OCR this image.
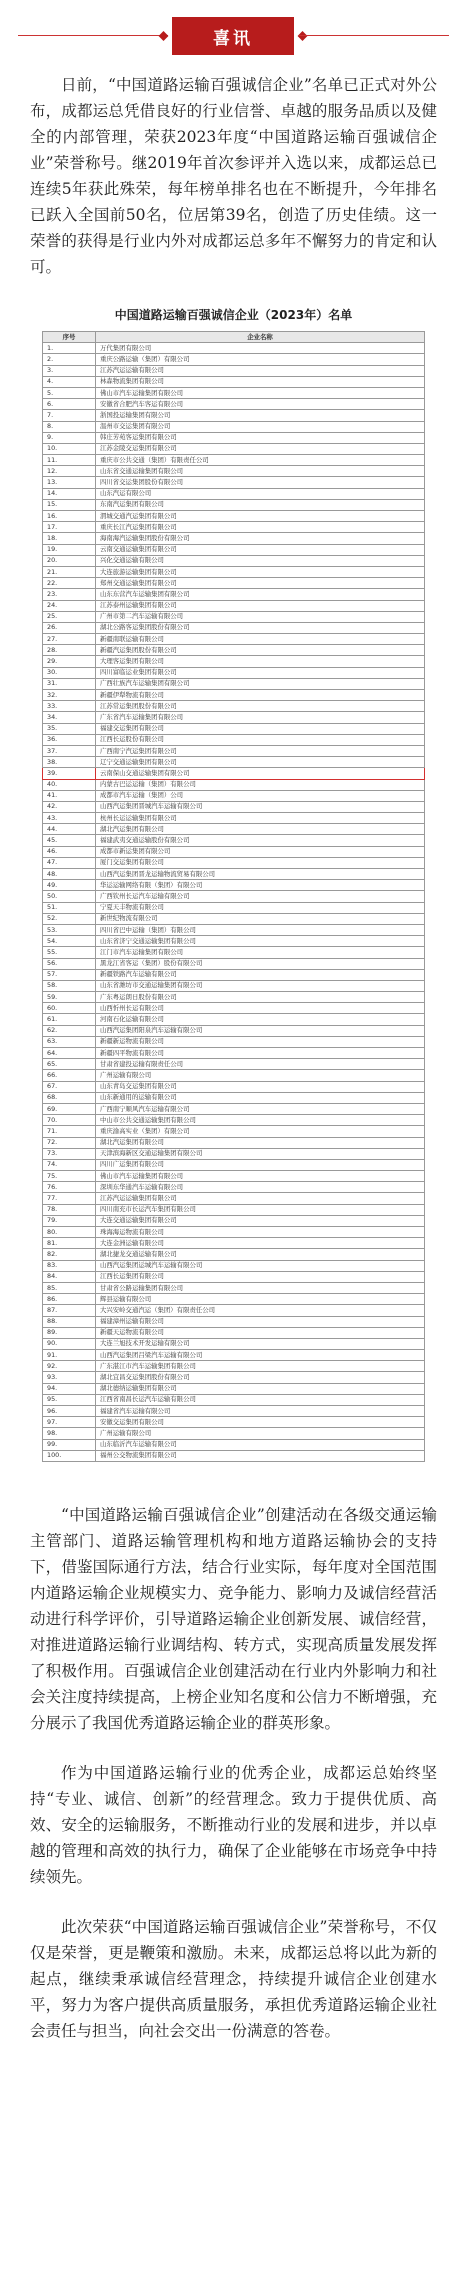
喜讯

日前，“中国道路运输百强诚信企业”名单已正式对外公布，成都运总凭借良好的行业信誉、卓越的服务品质以及健全的内部管理，荣获2023年度“中国道路运输百强诚信企业”荣誉称号。继2019年首次参评并入选以来，成都运总已连续5年获此殊荣，每年榜单排名也在不断提升，今年排名已跃入全国前50名，位居第39名，创造了历史佳绩。这一荣誉的获得是行业内外对成都运总多年不懈努力的肯定和认可。

中国道路运输百强诚信企业（2023年）名单
序号	企业名称
1.	万代集团有限公司
2.	重庆公路运输（集团）有限公司
3.	江苏汽运运输有限公司
4.	林森物流集团有限公司
5.	佛山市汽车运输集团有限公司
6.	安徽省合肥汽车客运有限公司
7.	浙国投运输集团有限公司
8.	温州市交运集团有限公司
9.	韩庄芳苑客运集团有限公司
10.	江苏金陵交运集团有限公司
11.	重庆市公共交通（集团）有限责任公司
12.	山东省交通运输集团有限公司
13.	四川省交运集团股份有限公司
14.	山东汽运有限公司
15.	东南汽运集团有限公司
16.	渭城交通汽运集团有限公司
17.	重庆长江汽运集团有限公司
18.	海南海汽运输集团股份有限公司
19.	云南交通运输集团有限公司
20.	兴化交通运输有限公司
21.	大连旅游运输集团有限公司
22.	郑州交通运输集团有限公司
23.	山东东营汽车运输集团有限公司
24.	江苏泰州运输集团有限公司
25.	广州市第二汽车运输有限公司
26.	湖北公路客运集团股份有限公司
27.	新疆南联运输有限公司
28.	新疆汽运集团股份有限公司
29.	大理客运集团有限公司
30.	四川富临运业集团有限公司
31.	广西壮族汽车运输集团有限公司
32.	新疆伊犁物流有限公司
33.	江苏常运集团股份有限公司
34.	广东省汽车运输集团有限公司
35.	福建交运集团有限公司
36.	江西长运股份有限公司
37.	广西南宁汽运集团有限公司
38.	辽宁交通运输集团有限公司
39.	云南保山交通运输集团有限公司
40.	内蒙古巴运运输（集团）有限公司
41.	成都市汽车运输（集团）公司
42.	山西汽运集团晋城汽车运输有限公司
43.	杭州长运运输集团有限公司
44.	湖北汽运集团有限公司
45.	福建武夷交通运输股份有限公司
46.	成都市新运集团有限公司
47.	厦门交运集团有限公司
48.	山西汽运集团晋龙运输物流贸易有限公司
49.	华运运输网络有限（集团）有限公司
50.	广西钦州长运汽车运输有限公司
51.	宁夏天丰物流有限公司
52.	新世纪物流有限公司
53.	四川省巴中运输（集团）有限公司
54.	山东省济宁交通运输集团有限公司
55.	江门市汽车运输集团有限公司
56.	黑龙江省客运（集团）股份有限公司
57.	新疆铁路汽车运输有限公司
58.	山东省潍坊市交通运输集团有限公司
59.	广东粤运朗日股份有限公司
60.	山西忻州长运有限公司
61.	河南石化运输有限公司
62.	山西汽运集团阳泉汽车运输有限公司
63.	新疆新运物流有限公司
64.	新疆四平物流有限公司
65.	甘肃省建投运输有限责任公司
66.	广州运输有限公司
67.	山东青岛交运集团有限公司
68.	山东新通用的运输有限公司
69.	广西南宁顺风汽车运输有限公司
70.	中山市公共交通运输集团有限公司
71.	重庆渝高实业（集团）有限公司
72.	湖北汽运集团有限公司
73.	天津滨海新区交通运输集团有限公司
74.	四川广运集团有限公司
75.	佛山市汽车运输集团有限公司
76.	深圳东华通汽车运输有限公司
77.	江苏汽运运输集团有限公司
78.	四川南充市长运汽车集团有限公司
79.	大连交通运输集团有限公司
80.	珠海海运物流有限公司
81.	大连金洲运输有限公司
82.	湖北捷龙交通运输有限公司
83.	山西汽运集团运城汽车运输有限公司
84.	江西长运集团有限公司
85.	甘肃省公路运输集团有限公司
86.	辉县运输有限公司
87.	大兴安岭交通汽运（集团）有限责任公司
88.	福建漳州运输有限公司
89.	新疆天运物流有限公司
90.	大连兰旭技术开发运输有限公司
91.	山西汽运集团吕梁汽车运输有限公司
92.	广东湛江市汽车运输集团有限公司
93.	湖北宜昌交运集团股份有限公司
94.	湖北德纳运输集团有限公司
95.	江西省南昌长运汽车运输有限公司
96.	福建省汽车运输有限公司
97.	安徽交运集团有限公司
98.	广州运输有限公司
99.	山东临沂汽车运输有限公司
100.	福州公交物流集团有限公司

“中国道路运输百强诚信企业”创建活动在各级交通运输主管部门、道路运输管理机构和地方道路运输协会的支持下，借鉴国际通行方法，结合行业实际，每年度对全国范围内道路运输企业规模实力、竞争能力、影响力及诚信经营活动进行科学评价，引导道路运输企业创新发展、诚信经营，对推进道路运输行业调结构、转方式，实现高质量发展发挥了积极作用。百强诚信企业创建活动在行业内外影响力和社会关注度持续提高，上榜企业知名度和公信力不断增强，充分展示了我国优秀道路运输企业的群英形象。

作为中国道路运输行业的优秀企业，成都运总始终坚持“专业、诚信、创新”的经营理念。致力于提供优质、高效、安全的运输服务，不断推动行业的发展和进步，并以卓越的管理和高效的执行力，确保了企业能够在市场竞争中持续领先。

此次荣获“中国道路运输百强诚信企业”荣誉称号，不仅仅是荣誉，更是鞭策和激励。未来，成都运总将以此为新的起点，继续秉承诚信经营理念，持续提升诚信企业创建水平，努力为客户提供高质量服务，承担优秀道路运输企业社会责任与担当，向社会交出一份满意的答卷。
